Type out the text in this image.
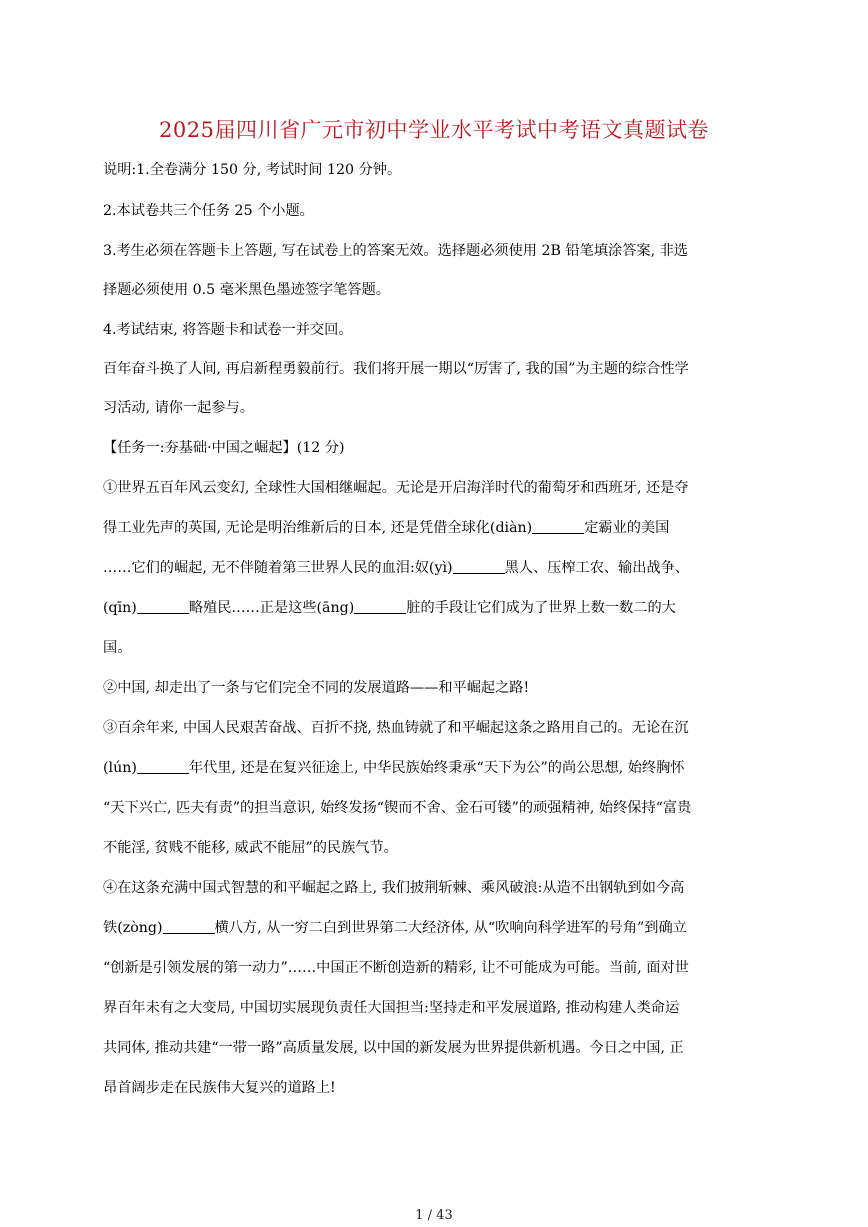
2025届四川省广元市初中学业水平考试中考语文真题试卷
说明:1.全卷满分 150 分, 考试时间 120 分钟。
2.本试卷共三个任务 25 个小题。
3.考生必须在答题卡上答题, 写在试卷上的答案无效。选择题必须使用 2B 铅笔填涂答案, 非选
择题必须使用 0.5 毫米黑色墨迹签字笔答题。
4.考试结束, 将答题卡和试卷一并交回。
百年奋斗换了人间, 再启新程勇毅前行。我们将开展一期以“厉害了, 我的国”为主题的综合性学
习活动, 请你一起参与。
【任务一:夯基础·中国之崛起】(12 分)
①世界五百年风云变幻, 全球性大国相继崛起。无论是开启海洋时代的葡萄牙和西班牙, 还是夺
得工业先声的英国, 无论是明治维新后的日本, 还是凭借全球化(diàn)	定霸业的美国
……它们的崛起, 无不伴随着第三世界人民的血泪:奴(yì)	黑人、压榨工农、输出战争、
(qīn)	略殖民……正是这些(āng)	脏的手段让它们成为了世界上数一数二的大
国。
②中国, 却走出了一条与它们完全不同的发展道路——和平崛起之路!
③百余年来, 中国人民艰苦奋战、百折不挠, 热血铸就了和平崛起这条之路用自己的。无论在沉
(lún)	年代里, 还是在复兴征途上, 中华民族始终秉承“天下为公”的尚公思想, 始终胸怀
“天下兴亡, 匹夫有责”的担当意识, 始终发扬“锲而不舍、金石可镂”的顽强精神, 始终保持“富贵
不能淫, 贫贱不能移, 威武不能屈”的民族气节。
④在这条充满中国式智慧的和平崛起之路上, 我们披荆斩棘、乘风破浪:从造不出钢轨到如今高
铁(zòng)	横八方, 从一穷二白到世界第二大经济体, 从“吹响向科学进军的号角”到确立
“创新是引领发展的第一动力”……中国正不断创造新的精彩, 让不可能成为可能。当前, 面对世
界百年未有之大变局, 中国切实展现负责任大国担当:坚持走和平发展道路, 推动构建人类命运
共同体, 推动共建“一带一路”高质量发展, 以中国的新发展为世界提供新机遇。今日之中国, 正
昂首阔步走在民族伟大复兴的道路上!
1 / 43
